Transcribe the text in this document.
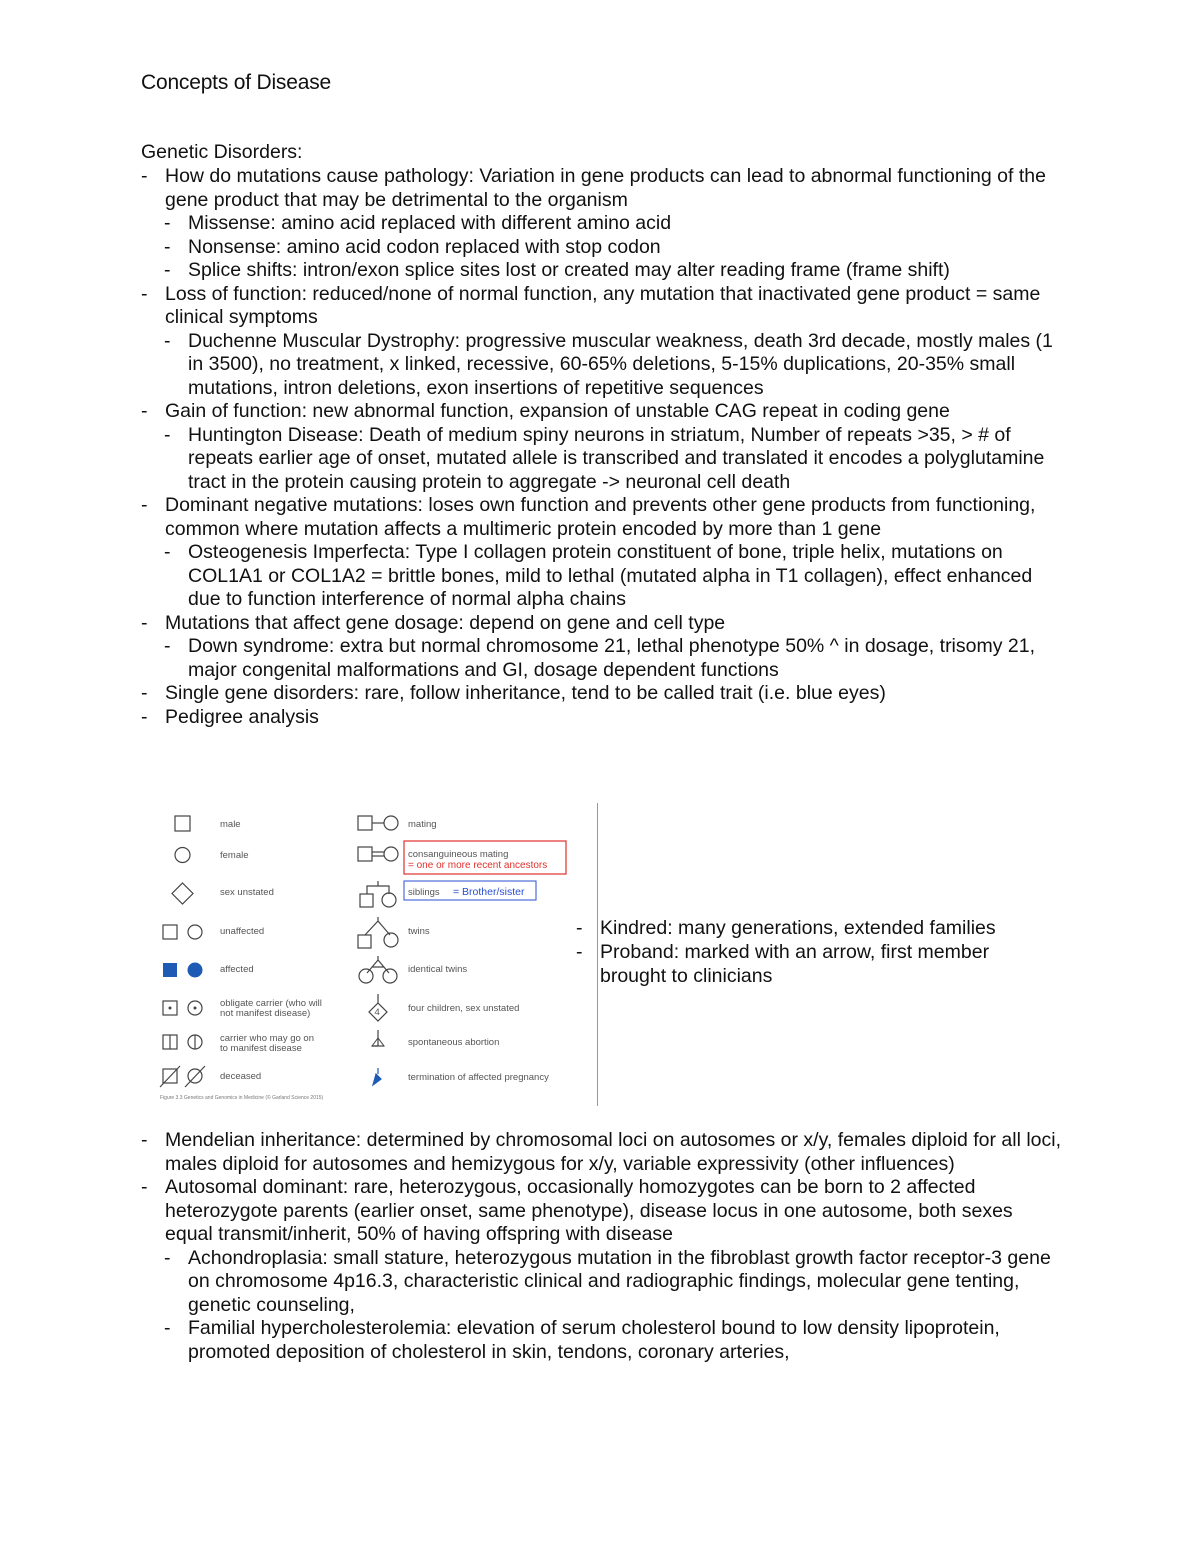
Concepts of Disease
Genetic Disorders:
- How do mutations cause pathology: Variation in gene products can lead to abnormal functioning of the gene product that may be detrimental to the organism
- Missense: amino acid replaced with different amino acid
- Nonsense: amino acid codon replaced with stop codon
- Splice shifts: intron/exon splice sites lost or created may alter reading frame (frame shift)
- Loss of function: reduced/none of normal function, any mutation that inactivated gene product = same clinical symptoms
- Duchenne Muscular Dystrophy: progressive muscular weakness, death 3rd decade, mostly males (1 in 3500), no treatment, x linked, recessive, 60-65% deletions, 5-15% duplications, 20-35% small mutations, intron deletions, exon insertions of repetitive sequences
- Gain of function: new abnormal function, expansion of unstable CAG repeat in coding gene
- Huntington Disease: Death of medium spiny neurons in striatum, Number of repeats >35, > # of repeats earlier age of onset, mutated allele is transcribed and translated it encodes a polyglutamine tract in the protein causing protein to aggregate -> neuronal cell death
- Dominant negative mutations: loses own function and prevents other gene products from functioning, common where mutation affects a multimeric protein encoded by more than 1 gene
- Osteogenesis Imperfecta: Type I collagen protein constituent of bone, triple helix, mutations on COL1A1 or COL1A2 = brittle bones, mild to lethal (mutated alpha in T1 collagen), effect enhanced due to function interference of normal alpha chains
- Mutations that affect gene dosage: depend on gene and cell type
- Down syndrome: extra but normal chromosome 21, lethal phenotype 50% ^ in dosage, trisomy 21, major congenital malformations and GI, dosage dependent functions
- Single gene disorders: rare, follow inheritance, tend to be called trait (i.e. blue eyes)
- Pedigree analysis
male
female
sex unstated
unaffected
affected
obligate carrier (who will
not manifest disease)
carrier who may go on
to manifest disease
deceased
4
mating
consanguineous mating
= one or more recent ancestors
siblings = Brother/sister
twins
identical twins
four children, sex unstated
spontaneous abortion
termination of affected pregnancy
Figure 3.3 Genetics and Genomics in Medicine (© Garland Science 2015)
- Kindred: many generations, extended families
- Proband: marked with an arrow, first member brought to clinicians
- Mendelian inheritance: determined by chromosomal loci on autosomes or x/y, females diploid for all loci, males diploid for autosomes and hemizygous for x/y, variable expressivity (other influences)
- Autosomal dominant: rare, heterozygous, occasionally homozygotes can be born to 2 affected heterozygote parents (earlier onset, same phenotype), disease locus in one autosome, both sexes equal transmit/inherit, 50% of having offspring with disease
- Achondroplasia: small stature, heterozygous mutation in the fibroblast growth factor receptor-3 gene on chromosome 4p16.3, characteristic clinical and radiographic findings, molecular gene tenting, genetic counseling,
- Familial hypercholesterolemia: elevation of serum cholesterol bound to low density lipoprotein, promoted deposition of cholesterol in skin, tendons, coronary arteries,
